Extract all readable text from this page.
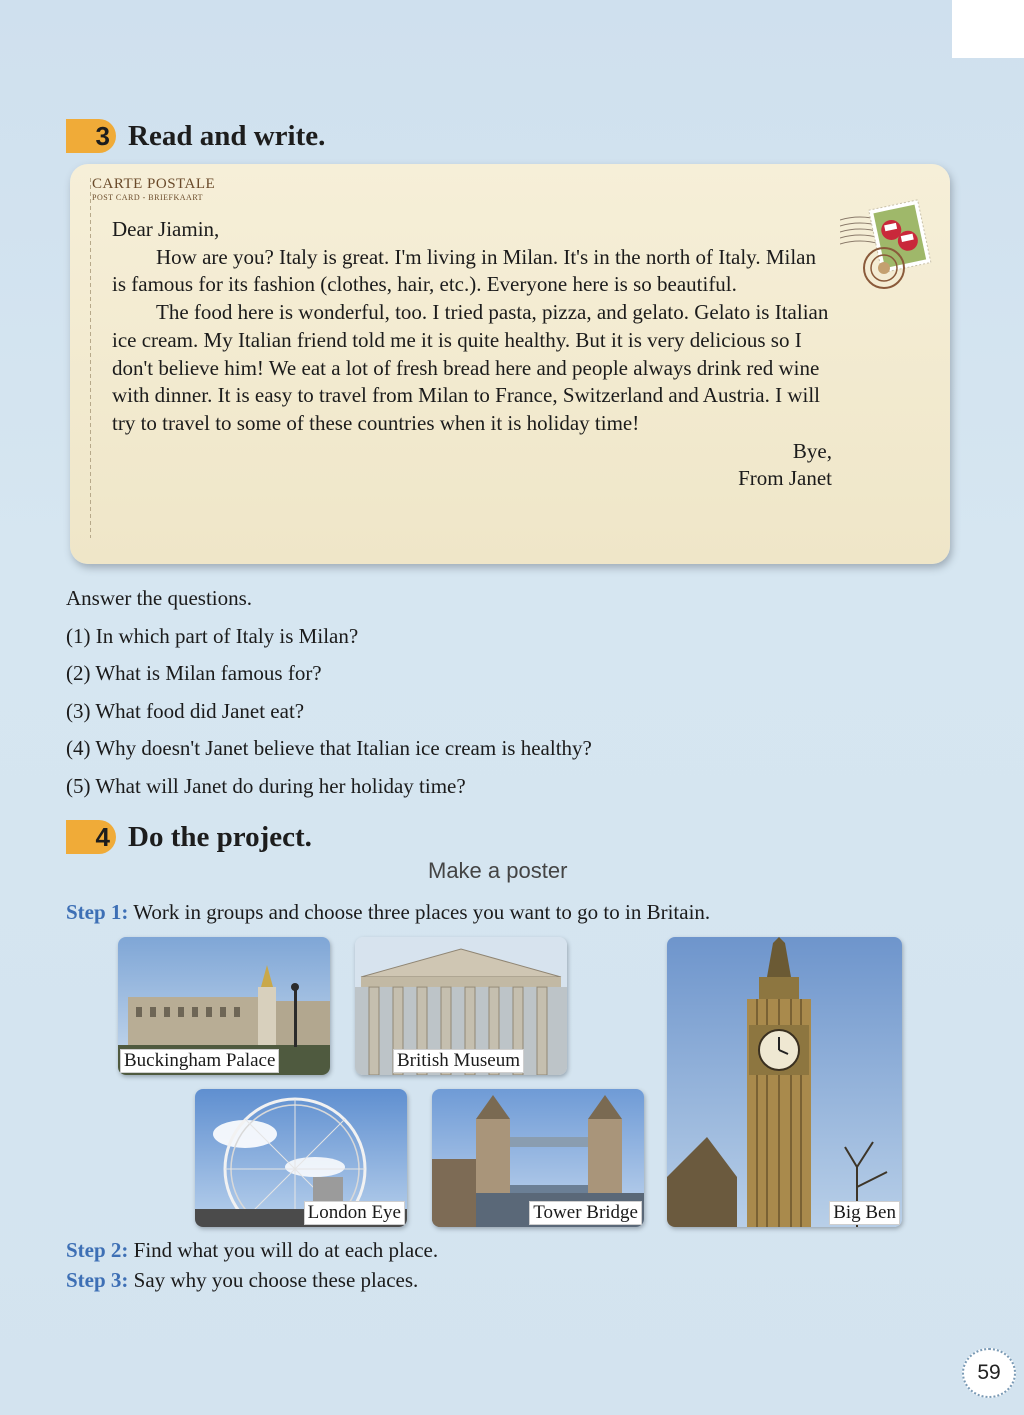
3 Read and write.
CARTE POSTALE
POST CARD - BRIEFKAART

Dear Jiamin,

How are you? Italy is great. I'm living in Milan. It's in the north of Italy. Milan is famous for its fashion (clothes, hair, etc.). Everyone here is so beautiful.

The food here is wonderful, too. I tried pasta, pizza, and gelato. Gelato is Italian ice cream. My Italian friend told me it is quite healthy. But it is very delicious so I don't believe him! We eat a lot of fresh bread here and people always drink red wine with dinner. It is easy to travel from Milan to France, Switzerland and Austria. I will try to travel to some of these countries when it is holiday time!

Bye,

From Janet

Answer the questions.
(1) In which part of Italy is Milan?
(2) What is Milan famous for?
(3) What food did Janet eat?
(4) Why doesn't Janet believe that Italian ice cream is healthy?
(5) What will Janet do during her holiday time?
4 Do the project.
Make a poster
Step 1: Work in groups and choose three places you want to go to in Britain.
Buckingham Palace	British Museum
Big Ben
London Eye	Tower Bridge
Step 2: Find what you will do at each place.
Step 3: Say why you choose these places.
59
